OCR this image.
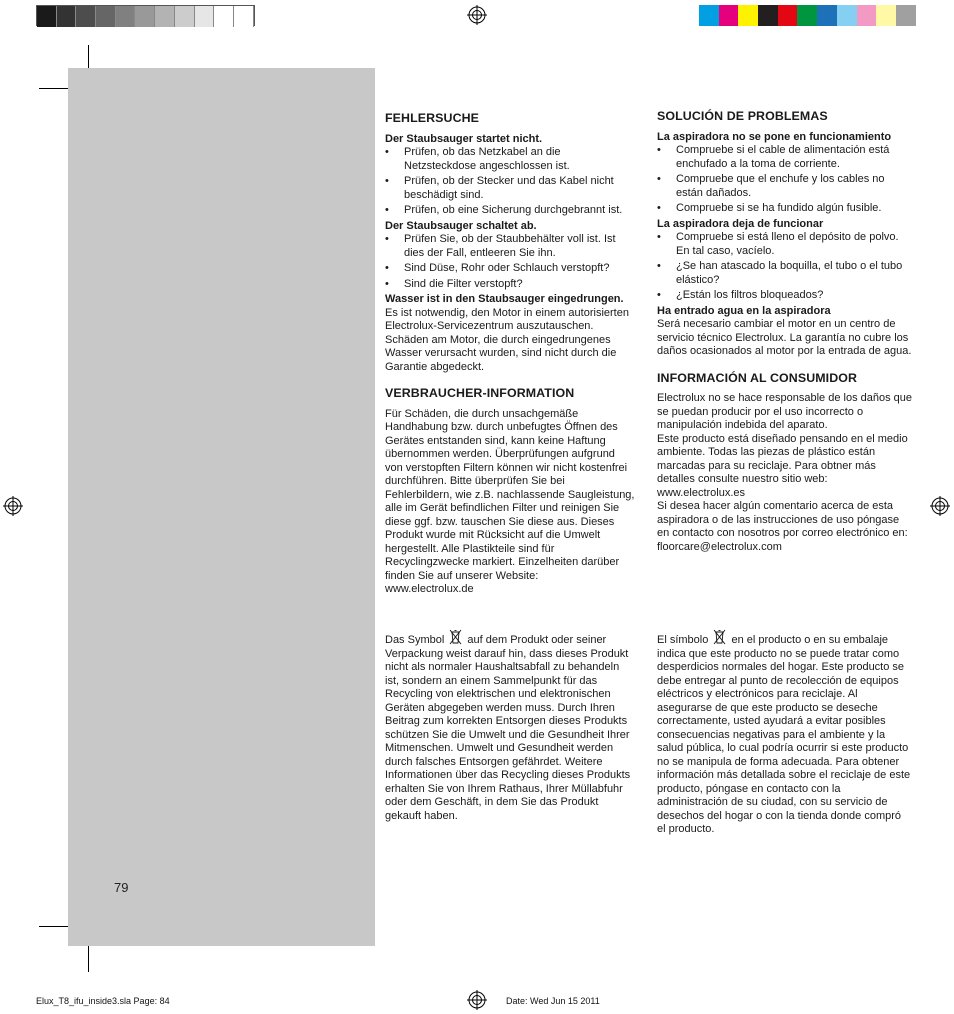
79
FEHLERSUCHE
Der Staubsauger startet nicht.
• Prüfen, ob das Netzkabel an die Netzsteckdose angeschlossen ist.
• Prüfen, ob der Stecker und das Kabel nicht beschädigt sind.
• Prüfen, ob eine Sicherung durchgebrannt ist.
Der Staubsauger schaltet ab.
• Prüfen Sie, ob der Staubbehälter voll ist. Ist dies der Fall, entleeren Sie ihn.
• Sind Düse, Rohr oder Schlauch verstopft?
• Sind die Filter verstopft?
Wasser ist in den Staubsauger eingedrungen.

Es ist notwendig, den Motor in einem autorisierten Electrolux-Servicezentrum auszutauschen. Schäden am Motor, die durch eingedrungenes Wasser verursacht wurden, sind nicht durch die Garantie abgedeckt.

VERBRAUCHER-INFORMATION

Für Schäden, die durch unsachgemäße Handhabung bzw. durch unbefugtes Öffnen des Gerätes entstanden sind, kann keine Haftung übernommen werden. Überprüfungen aufgrund von verstopften Filtern können wir nicht kostenfrei durchführen. Bitte überprüfen Sie bei Fehlerbildern, wie z.B. nachlassende Saugleistung, alle im Gerät befindlichen Filter und reinigen Sie diese ggf. bzw. tauschen Sie diese aus. Dieses Produkt wurde mit Rücksicht auf die Umwelt hergestellt. Alle Plastikteile sind für Recyclingzwecke markiert. Einzelheiten darüber finden Sie auf unserer Website:

www.electrolux.de

Das Symbol auf dem Produkt oder seiner Verpackung weist darauf hin, dass dieses Produkt nicht als normaler Haushaltsabfall zu behandeln ist, sondern an einem Sammelpunkt für das Recycling von elektrischen und elektronischen Geräten abgegeben werden muss. Durch Ihren Beitrag zum korrekten Entsorgen dieses Produkts schützen Sie die Umwelt und die Gesundheit Ihrer Mitmenschen. Umwelt und Gesundheit werden durch falsches Entsorgen gefährdet. Weitere Informationen über das Recycling dieses Produkts erhalten Sie von Ihrem Rathaus, Ihrer Müllabfuhr oder dem Geschäft, in dem Sie das Produkt gekauft haben.
SOLUCIÓN DE PROBLEMAS
La aspiradora no se pone en funcionamiento
• Compruebe si el cable de alimentación está enchufado a la toma de corriente.
• Compruebe que el enchufe y los cables no están dañados.
• Compruebe si se ha fundido algún fusible.
La aspiradora deja de funcionar
• Compruebe si está lleno el depósito de polvo. En tal caso, vacíelo.
• ¿Se han atascado la boquilla, el tubo o el tubo elástico?
• ¿Están los filtros bloqueados?
Ha entrado agua en la aspiradora

Será necesario cambiar el motor en un centro de servicio técnico Electrolux. La garantía no cubre los daños ocasionados al motor por la entrada de agua.

INFORMACIÓN AL CONSUMIDOR

Electrolux no se hace responsable de los daños que se puedan producir por el uso incorrecto o manipulación indebida del aparato.

Este producto está diseñado pensando en el medio ambiente. Todas las piezas de plástico están marcadas para su reciclaje. Para obtner más detalles consulte nuestro sitio web:

www.electrolux.es

Si desea hacer algún comentario acerca de esta aspiradora o de las instrucciones de uso póngase en contacto con nosotros por correo electrónico en:

floorcare@electrolux.com

El símbolo en el producto o en su embalaje indica que este producto no se puede tratar como desperdicios normales del hogar. Este producto se debe entregar al punto de recolección de equipos eléctricos y electrónicos para reciclaje. Al asegurarse de que este producto se deseche correctamente, usted ayudará a evitar posibles consecuencias negativas para el ambiente y la salud pública, lo cual podría ocurrir si este producto no se manipula de forma adecuada. Para obtener información más detallada sobre el reciclaje de este producto, póngase en contacto con la administración de su ciudad, con su servicio de desechos del hogar o con la tienda donde compró el producto.
Elux_T8_ifu_inside3.sla Page: 84	Date: Wed Jun 15 2011
